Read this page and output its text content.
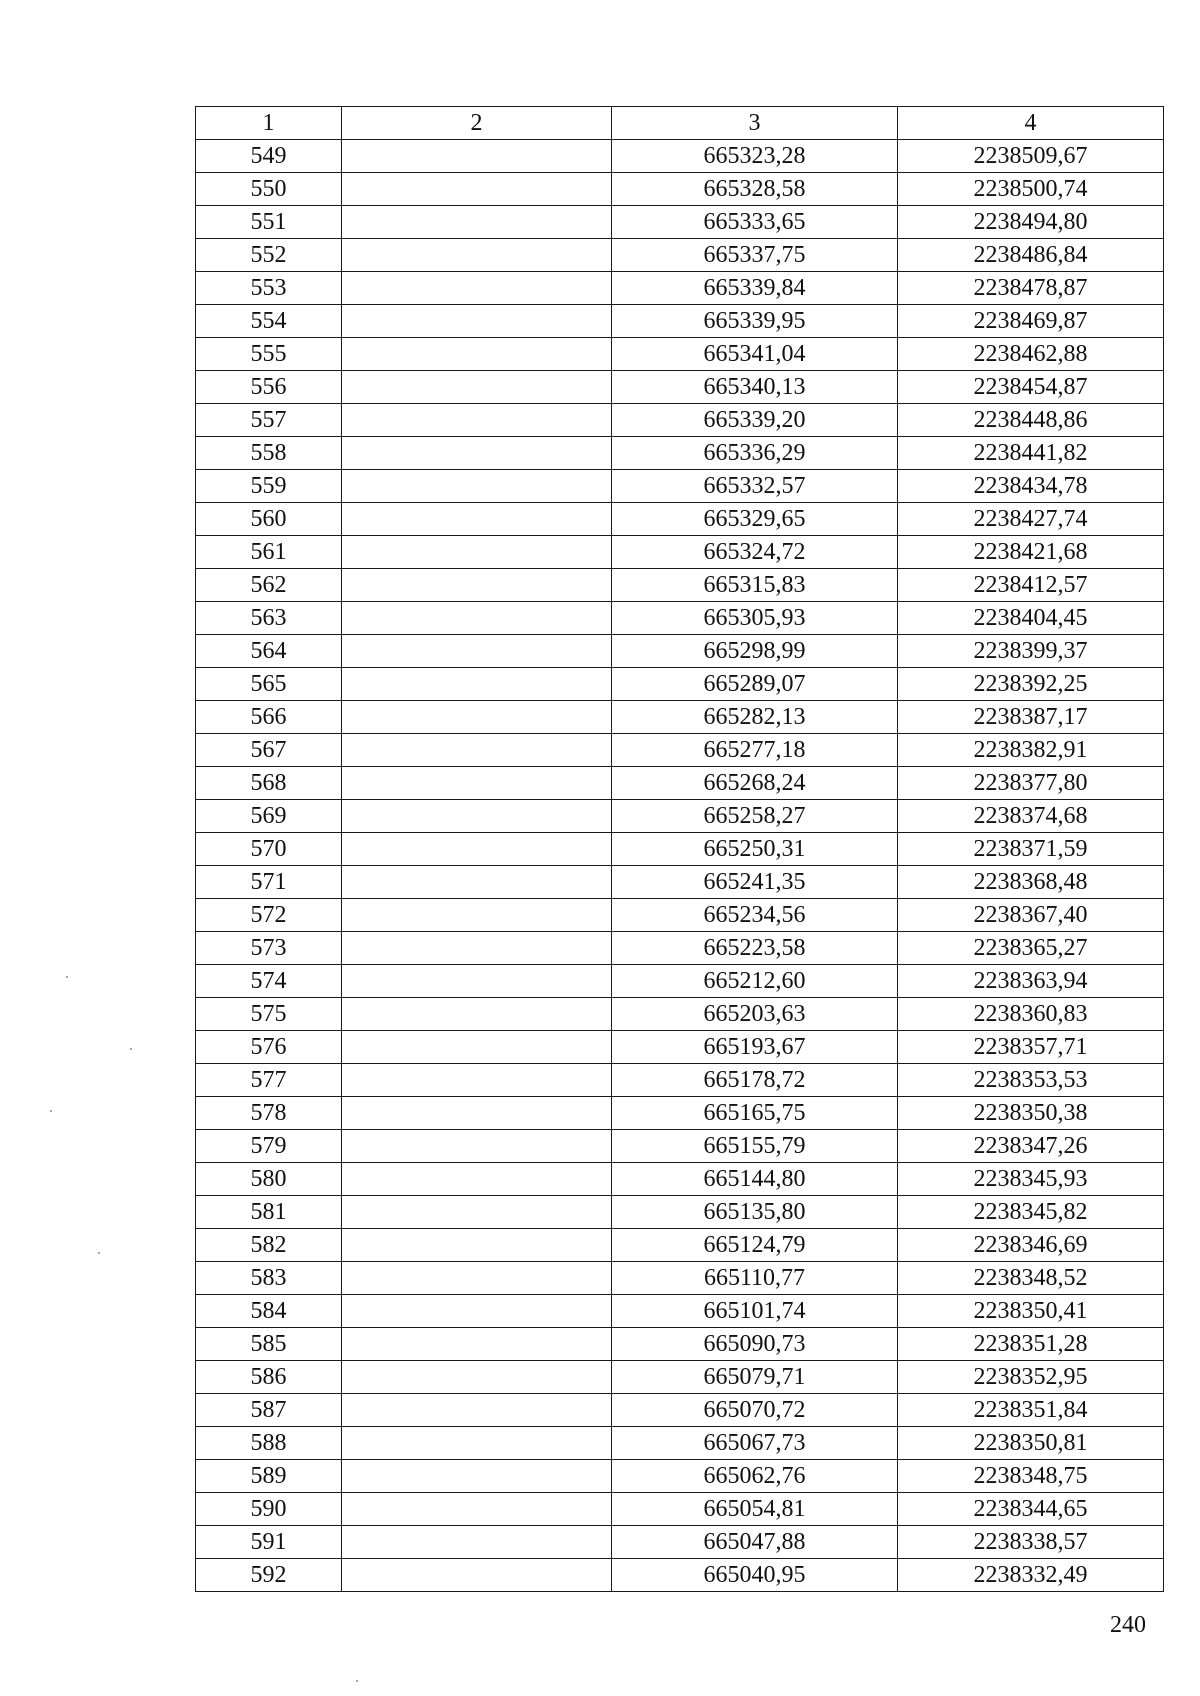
1	2	3	4
549		665323,28	2238509,67
550		665328,58	2238500,74
551		665333,65	2238494,80
552		665337,75	2238486,84
553		665339,84	2238478,87
554		665339,95	2238469,87
555		665341,04	2238462,88
556		665340,13	2238454,87
557		665339,20	2238448,86
558		665336,29	2238441,82
559		665332,57	2238434,78
560		665329,65	2238427,74
561		665324,72	2238421,68
562		665315,83	2238412,57
563		665305,93	2238404,45
564		665298,99	2238399,37
565		665289,07	2238392,25
566		665282,13	2238387,17
567		665277,18	2238382,91
568		665268,24	2238377,80
569		665258,27	2238374,68
570		665250,31	2238371,59
571		665241,35	2238368,48
572		665234,56	2238367,40
573		665223,58	2238365,27
574		665212,60	2238363,94
575		665203,63	2238360,83
576		665193,67	2238357,71
577		665178,72	2238353,53
578		665165,75	2238350,38
579		665155,79	2238347,26
580		665144,80	2238345,93
581		665135,80	2238345,82
582		665124,79	2238346,69
583		665110,77	2238348,52
584		665101,74	2238350,41
585		665090,73	2238351,28
586		665079,71	2238352,95
587		665070,72	2238351,84
588		665067,73	2238350,81
589		665062,76	2238348,75
590		665054,81	2238344,65
591		665047,88	2238338,57
592		665040,95	2238332,49
240
